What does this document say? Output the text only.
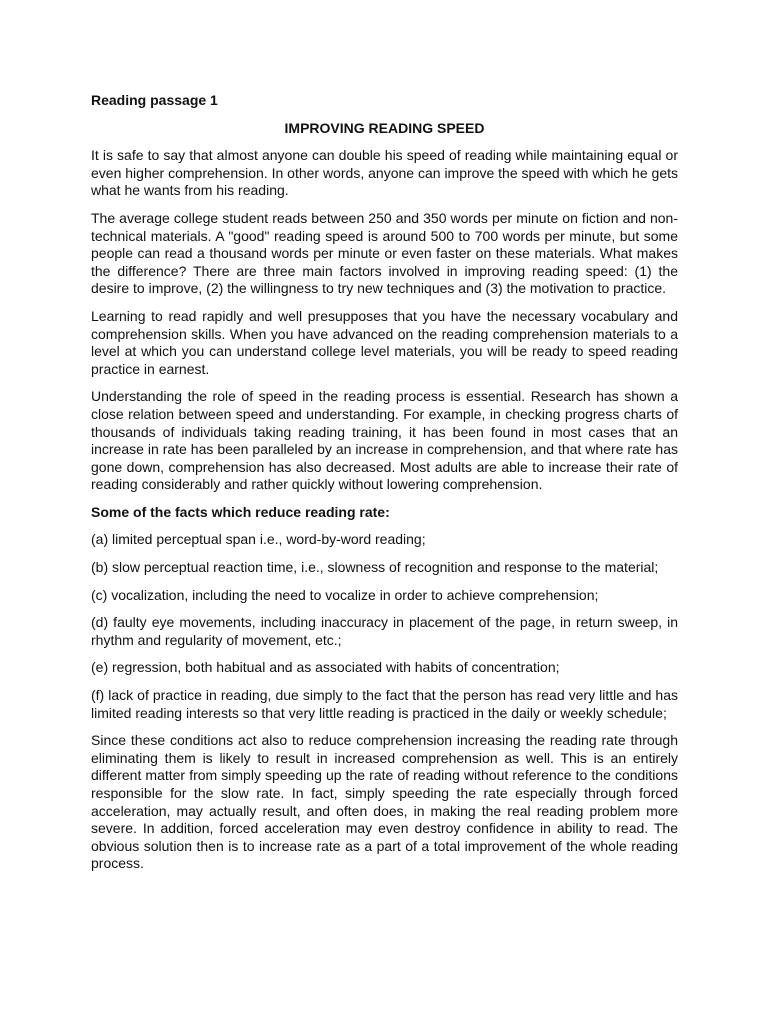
Reading passage 1
IMPROVING READING SPEED

It is safe to say that almost anyone can double his speed of reading while maintaining equal or even higher comprehension. In other words, anyone can improve the speed with which he gets what he wants from his reading.

The average college student reads between 250 and 350 words per minute on fiction and non-technical materials. A "good" reading speed is around 500 to 700 words per minute, but some people can read a thousand words per minute or even faster on these materials. What makes the difference? There are three main factors involved in improving reading speed: (1) the desire to improve, (2) the willingness to try new techniques and (3) the motivation to practice.

Learning to read rapidly and well presupposes that you have the necessary vocabulary and comprehension skills. When you have advanced on the reading comprehension materials to a level at which you can understand college level materials, you will be ready to speed reading practice in earnest.

Understanding the role of speed in the reading process is essential. Research has shown a close relation between speed and understanding. For example, in checking progress charts of thousands of individuals taking reading training, it has been found in most cases that an increase in rate has been paralleled by an increase in comprehension, and that where rate has gone down, comprehension has also decreased. Most adults are able to increase their rate of reading considerably and rather quickly without lowering comprehension.

Some of the facts which reduce reading rate:
(a) limited perceptual span i.e., word-by-word reading;
(b) slow perceptual reaction time, i.e., slowness of recognition and response to the material;
(c) vocalization, including the need to vocalize in order to achieve comprehension;
(d) faulty eye movements, including inaccuracy in placement of the page, in return sweep, in rhythm and regularity of movement, etc.;
(e) regression, both habitual and as associated with habits of concentration;
(f) lack of practice in reading, due simply to the fact that the person has read very little and has limited reading interests so that very little reading is practiced in the daily or weekly schedule;

Since these conditions act also to reduce comprehension increasing the reading rate through eliminating them is likely to result in increased comprehension as well. This is an entirely different matter from simply speeding up the rate of reading without reference to the conditions responsible for the slow rate. In fact, simply speeding the rate especially through forced acceleration, may actually result, and often does, in making the real reading problem more severe. In addition, forced acceleration may even destroy confidence in ability to read. The obvious solution then is to increase rate as a part of a total improvement of the whole reading process.
